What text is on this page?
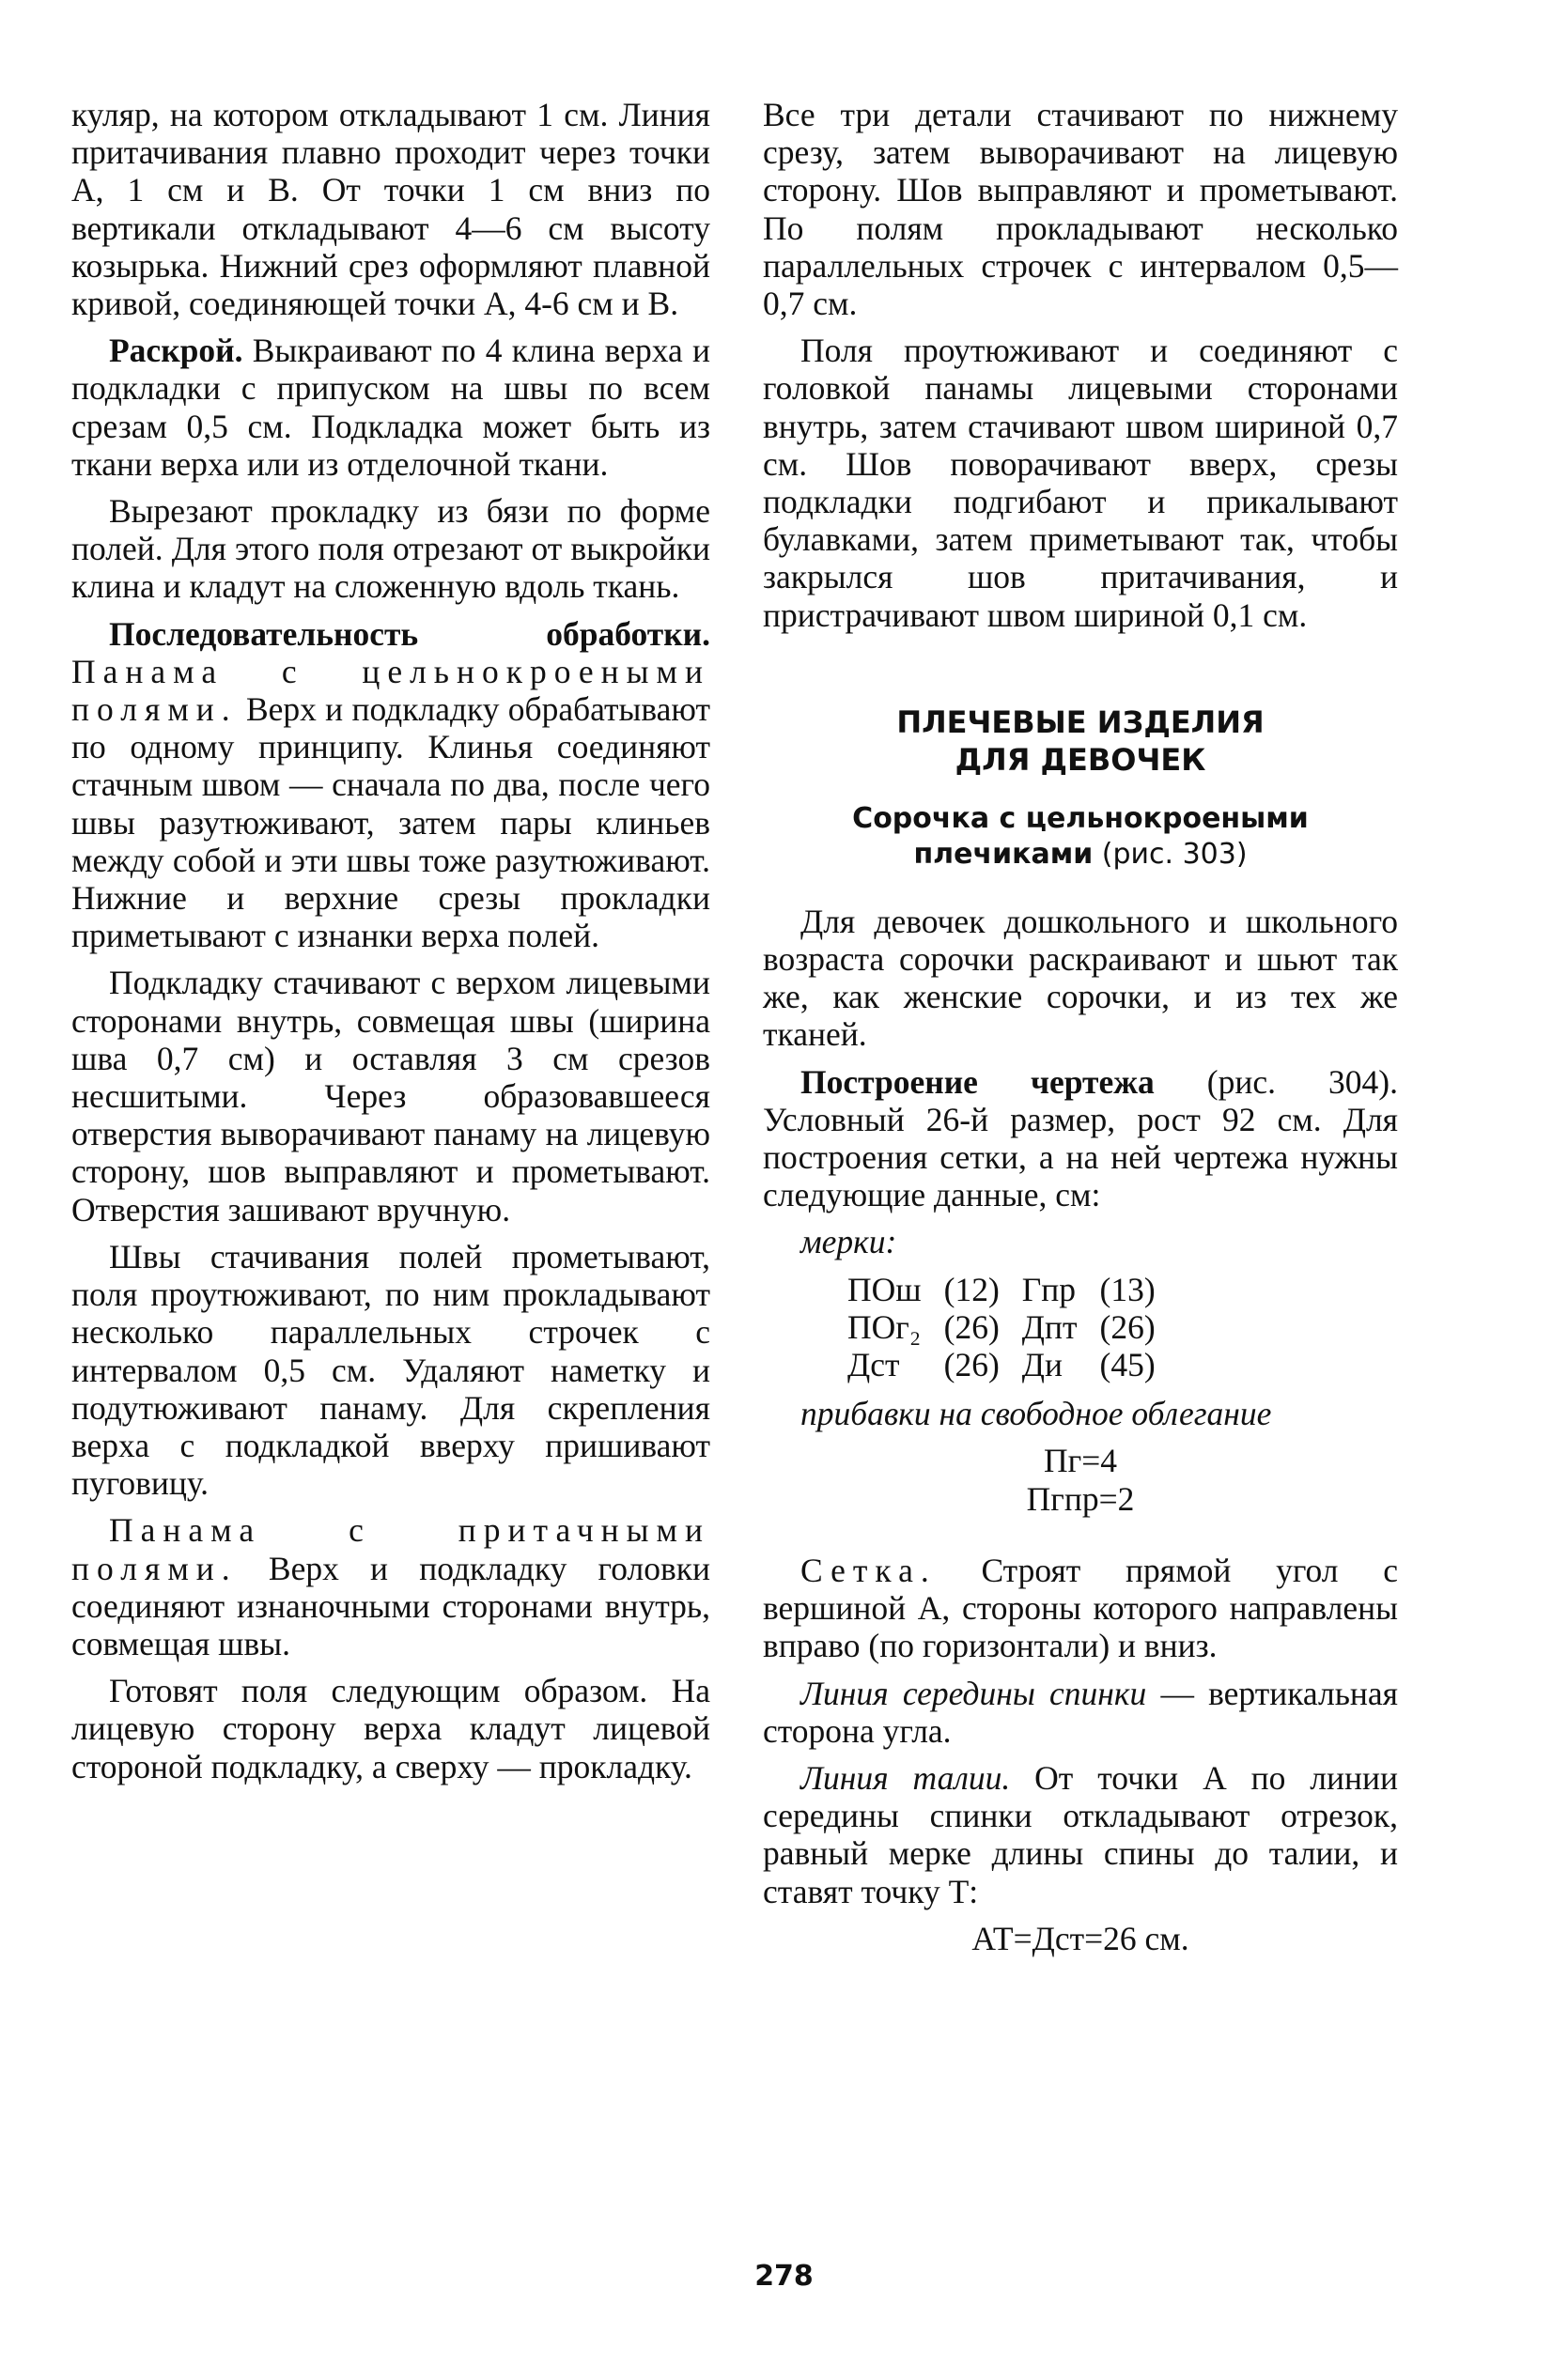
куляр, на котором откладывают 1 см. Линия притачивания плавно проходит через точки А, 1 см и В. От точки 1 см вниз по вертикали откладывают 4—6 см высоту козырька. Нижний срез оформляют плавной кривой, соединяющей точки А, 4-6 см и В.

Раскрой. Выкраивают по 4 клина верха и подкладки с припуском на швы по всем срезам 0,5 см. Подкладка может быть из ткани верха или из отделочной ткани.

Вырезают прокладку из бязи по форме полей. Для этого поля отрезают от выкройки клина и кладут на сложенную вдоль ткань.

Последовательность обработки. Панама с цельнокроеными полями. Верх и подкладку обрабатывают по одному принципу. Клинья соединяют стачным швом — сначала по два, после чего швы разутюживают, затем пары клиньев между собой и эти швы тоже разутюживают. Нижние и верхние срезы прокладки приметывают с изнанки верха полей.

Подкладку стачивают с верхом лицевыми сторонами внутрь, совмещая швы (ширина шва 0,7 см) и оставляя 3 см срезов несшитыми. Через образовавшееся отверстия выворачивают панаму на лицевую сторону, шов выправляют и прометывают. Отверстия зашивают вручную.

Швы стачивания полей прометывают, поля проутюживают, по ним прокладывают несколько параллельных строчек с интервалом 0,5 см. Удаляют наметку и подутюживают панаму. Для скрепления верха с подкладкой вверху пришивают пуговицу.

Панама с притачными полями. Верх и подкладку головки соединяют изнаночными сторонами внутрь, совмещая швы.

Готовят поля следующим образом. На лицевую сторону верха кладут лицевой стороной подкладку, а сверху — прокладку.

Все три детали стачивают по нижнему срезу, затем выворачивают на лицевую сторону. Шов выправляют и прометывают. По полям прокладывают несколько параллельных строчек с интервалом 0,5—0,7 см.

Поля проутюживают и соединяют с головкой панамы лицевыми сторонами внутрь, затем стачивают швом шириной 0,7 см. Шов поворачивают вверх, срезы подкладки подгибают и прикалывают булавками, затем приметывают так, чтобы закрылся шов притачивания, и пристрачивают швом шириной 0,1 см.

ПЛЕЧЕВЫЕ ИЗДЕЛИЯ

ДЛЯ ДЕВОЧЕК

Сорочка с цельнокроеными

плечиками (рис. 303)

Для девочек дошкольного и школьного возраста сорочки раскраивают и шьют так же, как женские сорочки, и из тех же тканей.

Построение чертежа (рис. 304). Условный 26-й размер, рост 92 см. Для построения сетки, а на ней чертежа нужны следующие данные, см:

мерки:

ПОш	(12)	Гпр	(13)
ПОг₂	(26)	Дпт	(26)
Дст	(26)	Ди	(45)

прибавки на свободное облегание

Пг=4

Пгпр=2

Сетка. Строят прямой угол с вершиной А, стороны которого направлены вправо (по горизонтали) и вниз.

Линия середины спинки — вертикальная сторона угла.

Линия талии. От точки А по линии середины спинки откладывают отрезок, равный мерке длины спины до талии, и ставят точку Т:

АТ=Дст=26 см.

278
